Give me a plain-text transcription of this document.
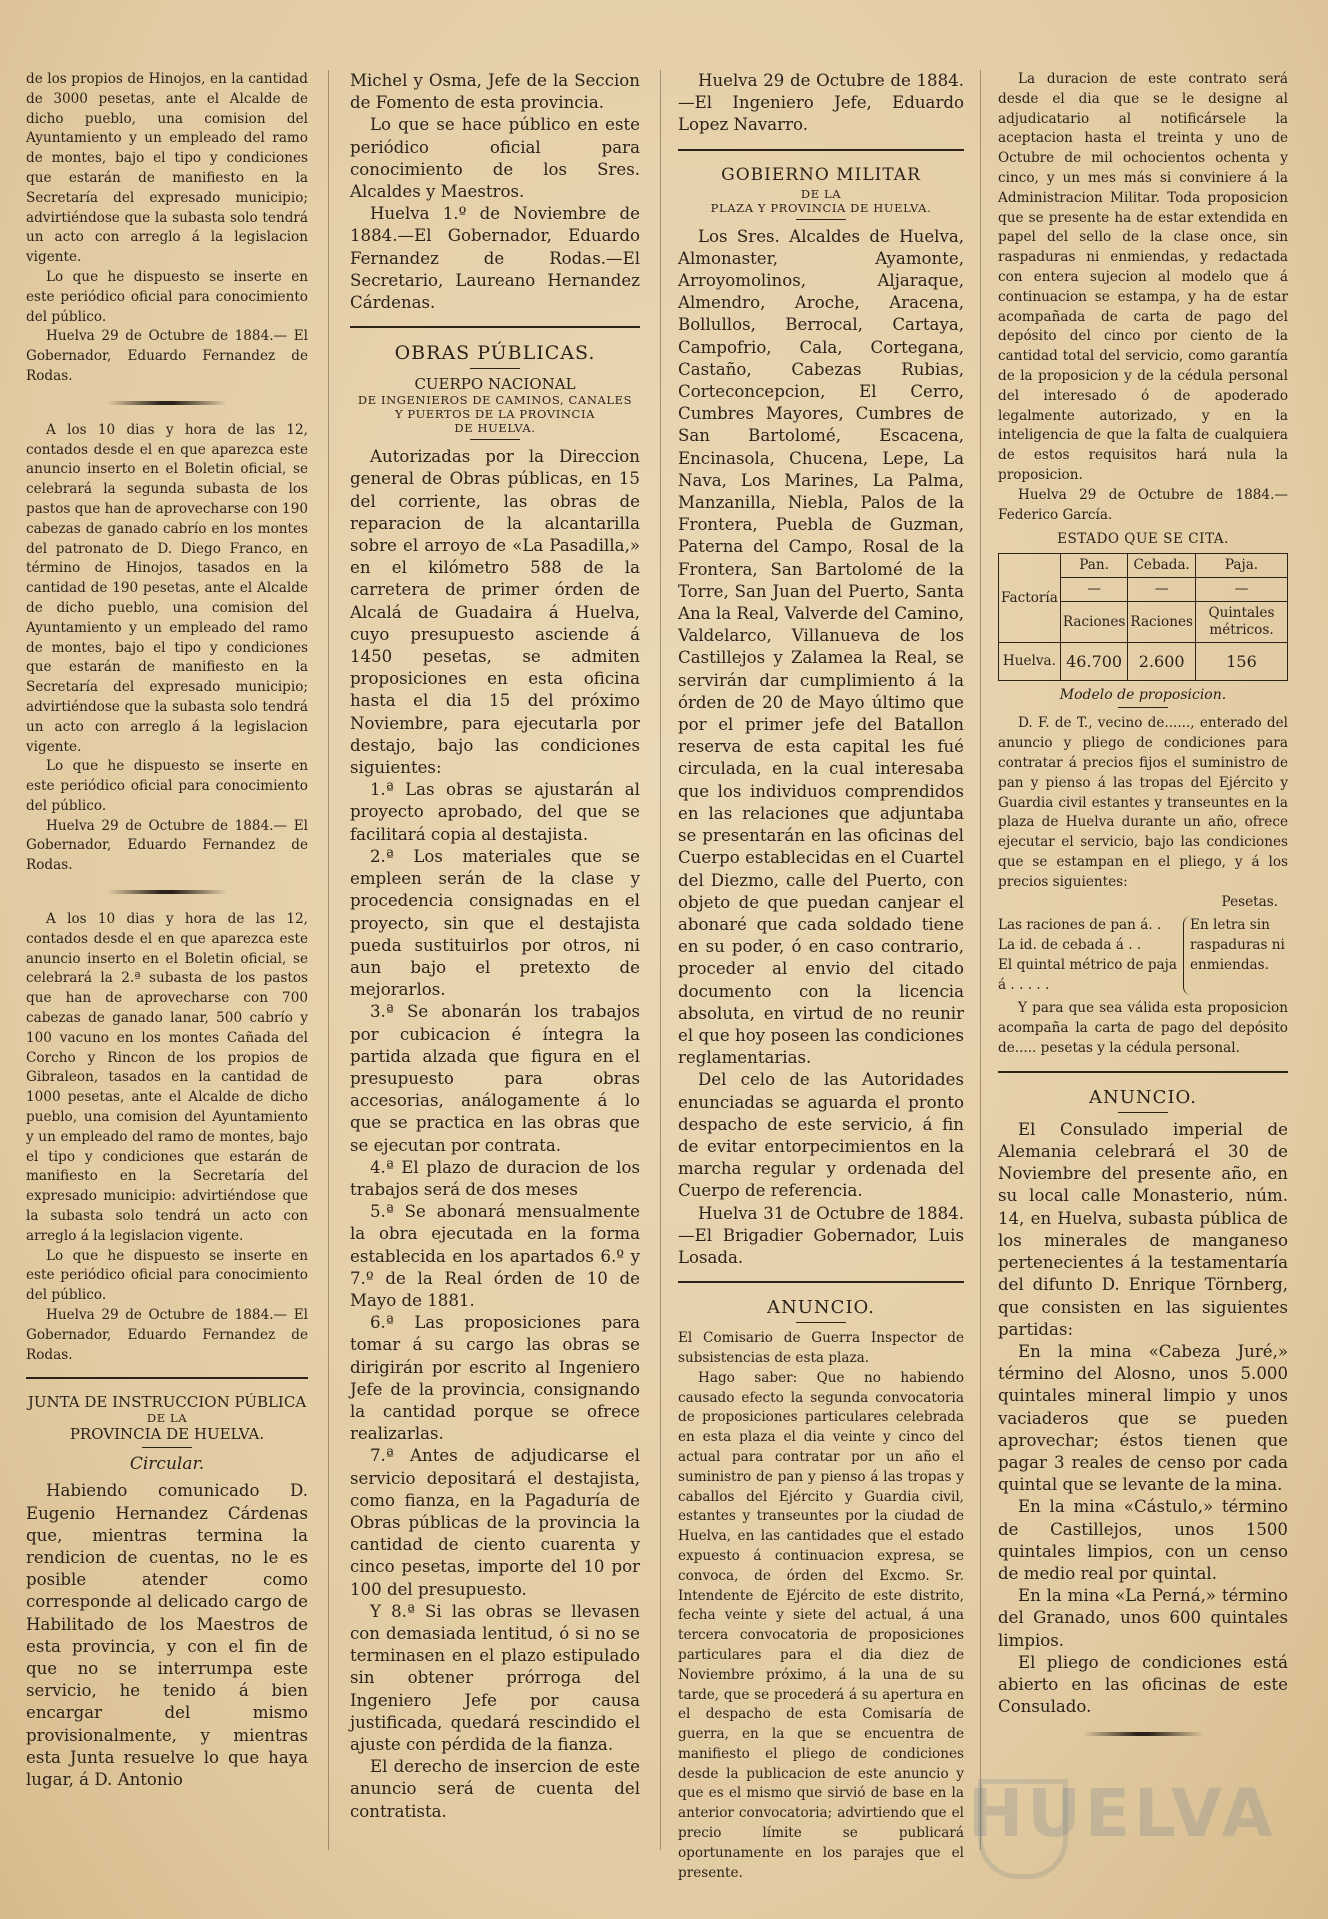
de los propios de Hinojos, en la cantidad de 3000 pesetas, ante el Alcalde de dicho pueblo, una comision del Ayuntamiento y un empleado del ramo de montes, bajo el tipo y condiciones que estarán de manifiesto en la Secretaría del expresado municipio; advirtiéndose que la subasta solo tendrá un acto con arreglo á la legislacion vigente.

Lo que he dispuesto se inserte en este periódico oficial para conocimiento del público.

Huelva 29 de Octubre de 1884.— El Gobernador, Eduardo Fernandez de Rodas.

A los 10 dias y hora de las 12, contados desde el en que aparezca este anuncio inserto en el Boletin oficial, se celebrará la segunda subasta de los pastos que han de aprovecharse con 190 cabezas de ganado cabrío en los montes del patronato de D. Diego Franco, en término de Hinojos, tasados en la cantidad de 190 pesetas, ante el Alcalde de dicho pueblo, una comision del Ayuntamiento y un empleado del ramo de montes, bajo el tipo y condiciones que estarán de manifiesto en la Secretaría del expresado municipio; advirtiéndose que la subasta solo tendrá un acto con arreglo á la legislacion vigente.

Lo que he dispuesto se inserte en este periódico oficial para conocimiento del público.

Huelva 29 de Octubre de 1884.— El Gobernador, Eduardo Fernandez de Rodas.

A los 10 dias y hora de las 12, contados desde el en que aparezca este anuncio inserto en el Boletin oficial, se celebrará la 2.ª subasta de los pastos que han de aprovecharse con 700 cabezas de ganado lanar, 500 cabrío y 100 vacuno en los montes Cañada del Corcho y Rincon de los propios de Gibraleon, tasados en la cantidad de 1000 pesetas, ante el Alcalde de dicho pueblo, una comision del Ayuntamiento y un empleado del ramo de montes, bajo el tipo y condiciones que estarán de manifiesto en la Secretaría del expresado municipio: advirtiéndose que la subasta solo tendrá un acto con arreglo á la legislacion vigente.

Lo que he dispuesto se inserte en este periódico oficial para conocimiento del público.

Huelva 29 de Octubre de 1884.— El Gobernador, Eduardo Fernandez de Rodas.

JUNTA DE INSTRUCCION PÚBLICA
DE LA
PROVINCIA DE HUELVA.
Circular.

Habiendo comunicado D. Eugenio Hernandez Cárdenas que, mientras termina la rendicion de cuentas, no le es posible atender como corresponde al delicado cargo de Habilitado de los Maestros de esta provincia, y con el fin de que no se interrumpa este servicio, he tenido á bien encargar del mismo provisionalmente, y mientras esta Junta resuelve lo que haya lugar, á D. Antonio

Michel y Osma, Jefe de la Seccion de Fomento de esta provincia.

Lo que se hace público en este periódico oficial para conocimiento de los Sres. Alcaldes y Maestros.

Huelva 1.º de Noviembre de 1884.—El Gobernador, Eduardo Fernandez de Rodas.—El Secretario, Laureano Hernandez Cárdenas.

OBRAS PÚBLICAS.
CUERPO NACIONAL
DE INGENIEROS DE CAMINOS, CANALES
Y PUERTOS DE LA PROVINCIA
DE HUELVA.

Autorizadas por la Direccion general de Obras públicas, en 15 del corriente, las obras de reparacion de la alcantarilla sobre el arroyo de «La Pasadilla,» en el kilómetro 588 de la carretera de primer órden de Alcalá de Guadaira á Huelva, cuyo presupuesto asciende á 1450 pesetas, se admiten proposiciones en esta oficina hasta el dia 15 del próximo Noviembre, para ejecutarla por destajo, bajo las condiciones siguientes:

1.ª Las obras se ajustarán al proyecto aprobado, del que se facilitará copia al destajista.

2.ª Los materiales que se empleen serán de la clase y procedencia consignadas en el proyecto, sin que el destajista pueda sustituirlos por otros, ni aun bajo el pretexto de mejorarlos.

3.ª Se abonarán los trabajos por cubicacion é íntegra la partida alzada que figura en el presupuesto para obras accesorias, análogamente á lo que se practica en las obras que se ejecutan por contrata.

4.ª El plazo de duracion de los trabajos será de dos meses

5.ª Se abonará mensualmente la obra ejecutada en la forma establecida en los apartados 6.º y 7.º de la Real órden de 10 de Mayo de 1881.

6.ª Las proposiciones para tomar á su cargo las obras se dirigirán por escrito al Ingeniero Jefe de la provincia, consignando la cantidad porque se ofrece realizarlas.

7.ª Antes de adjudicarse el servicio depositará el destajista, como fianza, en la Pagaduría de Obras públicas de la provincia la cantidad de ciento cuarenta y cinco pesetas, importe del 10 por 100 del presupuesto.

Y 8.ª Si las obras se llevasen con demasiada lentitud, ó si no se terminasen en el plazo estipulado sin obtener prórroga del Ingeniero Jefe por causa justificada, quedará rescindido el ajuste con pérdida de la fianza.

El derecho de insercion de este anuncio será de cuenta del contratista.

Huelva 29 de Octubre de 1884. —El Ingeniero Jefe, Eduardo Lopez Navarro.

GOBIERNO MILITAR
DE LA
PLAZA Y PROVINCIA DE HUELVA.

Los Sres. Alcaldes de Huelva, Almonaster, Ayamonte, Arroyomolinos, Aljaraque, Almendro, Aroche, Aracena, Bollullos, Berrocal, Cartaya, Campofrio, Cala, Cortegana, Castaño, Cabezas Rubias, Corteconcepcion, El Cerro, Cumbres Mayores, Cumbres de San Bartolomé, Escacena, Encinasola, Chucena, Lepe, La Nava, Los Marines, La Palma, Manzanilla, Niebla, Palos de la Frontera, Puebla de Guzman, Paterna del Campo, Rosal de la Frontera, San Bartolomé de la Torre, San Juan del Puerto, Santa Ana la Real, Valverde del Camino, Valdelarco, Villanueva de los Castillejos y Zalamea la Real, se servirán dar cumplimiento á la órden de 20 de Mayo último que por el primer jefe del Batallon reserva de esta capital les fué circulada, en la cual interesaba que los individuos comprendidos en las relaciones que adjuntaba se presentarán en las oficinas del Cuerpo establecidas en el Cuartel del Diezmo, calle del Puerto, con objeto de que puedan canjear el abonaré que cada soldado tiene en su poder, ó en caso contrario, proceder al envio del citado documento con la licencia absoluta, en virtud de no reunir el que hoy poseen las condiciones reglamentarias.

Del celo de las Autoridades enunciadas se aguarda el pronto despacho de este servicio, á fin de evitar entorpecimientos en la marcha regular y ordenada del Cuerpo de referencia.

Huelva 31 de Octubre de 1884. —El Brigadier Gobernador, Luis Losada.

ANUNCIO.

El Comisario de Guerra Inspector de subsistencias de esta plaza.

Hago saber: Que no habiendo causado efecto la segunda convocatoria de proposiciones particulares celebrada en esta plaza el dia veinte y cinco del actual para contratar por un año el suministro de pan y pienso á las tropas y caballos del Ejército y Guardia civil, estantes y transeuntes por la ciudad de Huelva, en las cantidades que el estado expuesto á continuacion expresa, se convoca, de órden del Excmo. Sr. Intendente de Ejército de este distrito, fecha veinte y siete del actual, á una tercera convocatoria de proposiciones particulares para el dia diez de Noviembre próximo, á la una de su tarde, que se procederá á su apertura en el despacho de esta Comisaría de guerra, en la que se encuentra de manifiesto el pliego de condiciones desde la publicacion de este anuncio y que es el mismo que sirvió de base en la anterior convocatoria; advirtiendo que el precio límite se publicará oportunamente en los parajes que el presente.

La duracion de este contrato será desde el dia que se le designe al adjudicatario al notificársele la aceptacion hasta el treinta y uno de Octubre de mil ochocientos ochenta y cinco, y un mes más si conviniere á la Administracion Militar. Toda proposicion que se presente ha de estar extendida en papel del sello de la clase once, sin raspaduras ni enmiendas, y redactada con entera sujecion al modelo que á continuacion se estampa, y ha de estar acompañada de carta de pago del depósito del cinco por ciento de la cantidad total del servicio, como garantía de la proposicion y de la cédula personal del interesado ó de apoderado legalmente autorizado, y en la inteligencia de que la falta de cualquiera de estos requisitos hará nula la proposicion.

Huelva 29 de Octubre de 1884.— Federico García.

ESTADO QUE SE CITA.
Factoría	Pan.	Cebada.	Paja.
	—	—	—
	Raciones	Raciones	Quintales métricos.
Huelva.	46.700	2.600	156
Modelo de proposicion.

D. F. de T., vecino de......, enterado del anuncio y pliego de condiciones para contratar á precios fijos el suministro de pan y pienso á las tropas del Ejército y Guardia civil estantes y transeuntes en la plaza de Huelva durante un año, ofrece ejecutar el servicio, bajo las condiciones que se estampan en el pliego, y á los precios siguientes:

Pesetas.
Las raciones de pan á. .
La id. de cebada á . .
El quintal métrico de paja á . . . . .
En letra sin raspaduras ni enmiendas.

Y para que sea válida esta proposicion acompaña la carta de pago del depósito de..... pesetas y la cédula personal.

ANUNCIO.

El Consulado imperial de Alemania celebrará el 30 de Noviembre del presente año, en su local calle Monasterio, núm. 14, en Huelva, subasta pública de los minerales de manganeso pertenecientes á la testamentaría del difunto D. Enrique Törnberg, que consisten en las siguientes partidas:

En la mina «Cabeza Juré,» término del Alosno, unos 5.000 quintales mineral limpio y unos vaciaderos que se pueden aprovechar; éstos tienen que pagar 3 reales de censo por cada quintal que se levante de la mina.

En la mina «Cástulo,» término de Castillejos, unos 1500 quintales limpios, con un censo de medio real por quintal.

En la mina «La Perná,» término del Granado, unos 600 quintales limpios.

El pliego de condiciones está abierto en las oficinas de este Consulado.

HUELVA
